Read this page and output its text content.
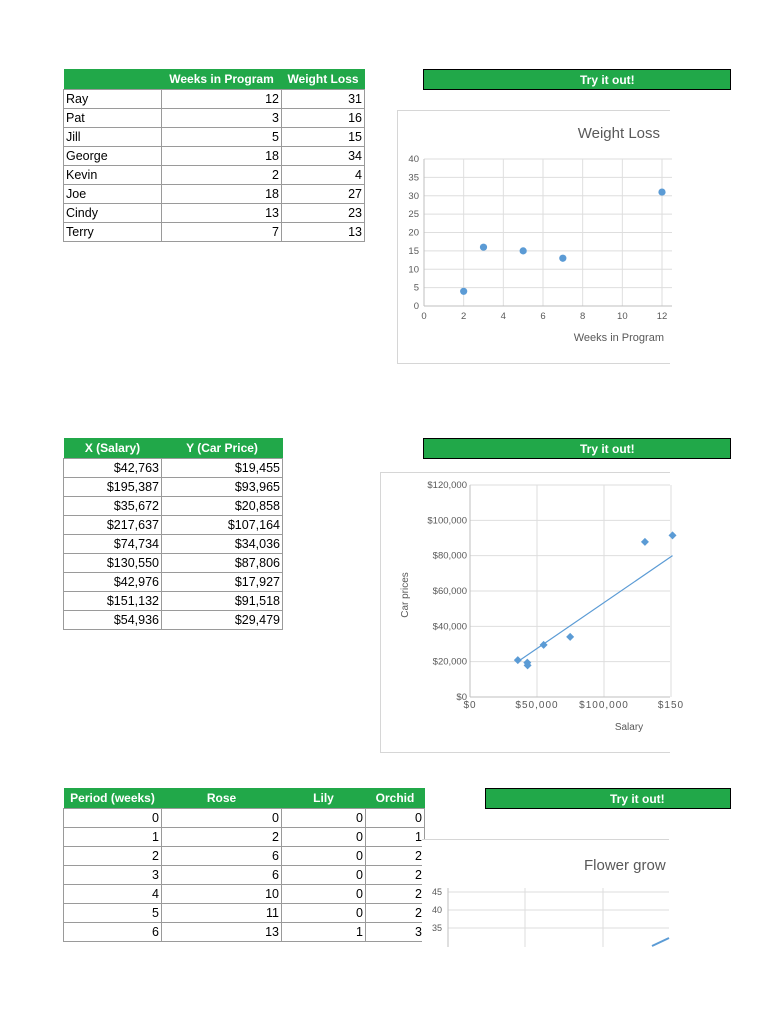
	Weeks in Program	Weight Loss
Ray	12	31
Pat	3	16
Jill	5	15
George	18	34
Kevin	2	4
Joe	18	27
Cindy	13	23
Terry	7	13
Try it out!
0
5
10
15
20
25
30
35
40
0	2	4	6	8	10	12
Weight Loss
Weeks in Program
X (Salary)	Y (Car Price)
$42,763	$19,455
$195,387	$93,965
$35,672	$20,858
$217,637	$107,164
$74,734	$34,036
$130,550	$87,806
$42,976	$17,927
$151,132	$91,518
$54,936	$29,479
Try it out!
$0
$20,000
$40,000
$60,000
$80,000
$100,000
$120,000
$0	$50,000 $100,000	$150
Salary
Car prices
Period (weeks)	Rose	Lily	Orchid
0	0	0	0
1	2	0	1
2	6	0	2
3	6	0	2
4	10	0	2
5	11	0	2
6	13	1	3
Try it out!
Flower grow
45
40
35
